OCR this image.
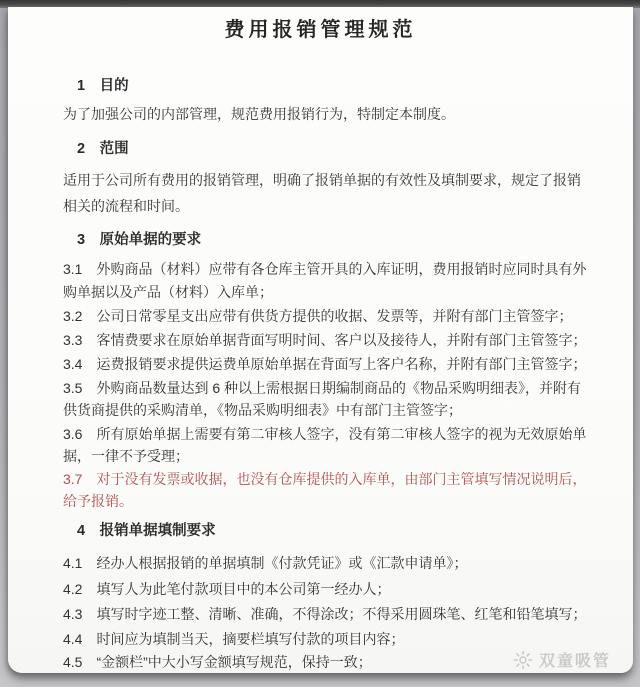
费用报销管理规范
1　目的
为了加强公司的内部管理，规范费用报销行为，特制定本制度。
2　范围
适用于公司所有费用的报销管理，明确了报销单据的有效性及填制要求，规定了报销
相关的流程和时间。
3　原始单据的要求
3.1　外购商品（材料）应带有各仓库主管开具的入库证明，费用报销时应同时具有外
购单据以及产品（材料）入库单；
3.2　公司日常零星支出应带有供货方提供的收据、发票等，并附有部门主管签字；
3.3　客情费要求在原始单据背面写明时间、客户以及接待人，并附有部门主管签字；
3.4　运费报销要求提供运费单原始单据在背面写上客户名称，并附有部门主管签字；
3.5　外购商品数量达到 6 种以上需根据日期编制商品的《物品采购明细表》，并附有
供货商提供的采购清单，《物品采购明细表》中有部门主管签字；
3.6　所有原始单据上需要有第二审核人签字，没有第二审核人签字的视为无效原始单
据，一律不予受理；
3.7　对于没有发票或收据，也没有仓库提供的入库单，由部门主管填写情况说明后，
给予报销。
4　报销单据填制要求
4.1　经办人根据报销的单据填制《付款凭证》或《汇款申请单》；
4.2　填写人为此笔付款项目中的本公司第一经办人；
4.3　填写时字迹工整、清晰、准确，不得涂改；不得采用圆珠笔、红笔和铅笔填写；
4.4　时间应为填制当天，摘要栏填写付款的项目内容；
4.5　“金额栏”中大小写金额填写规范，保持一致；	双童吸管
